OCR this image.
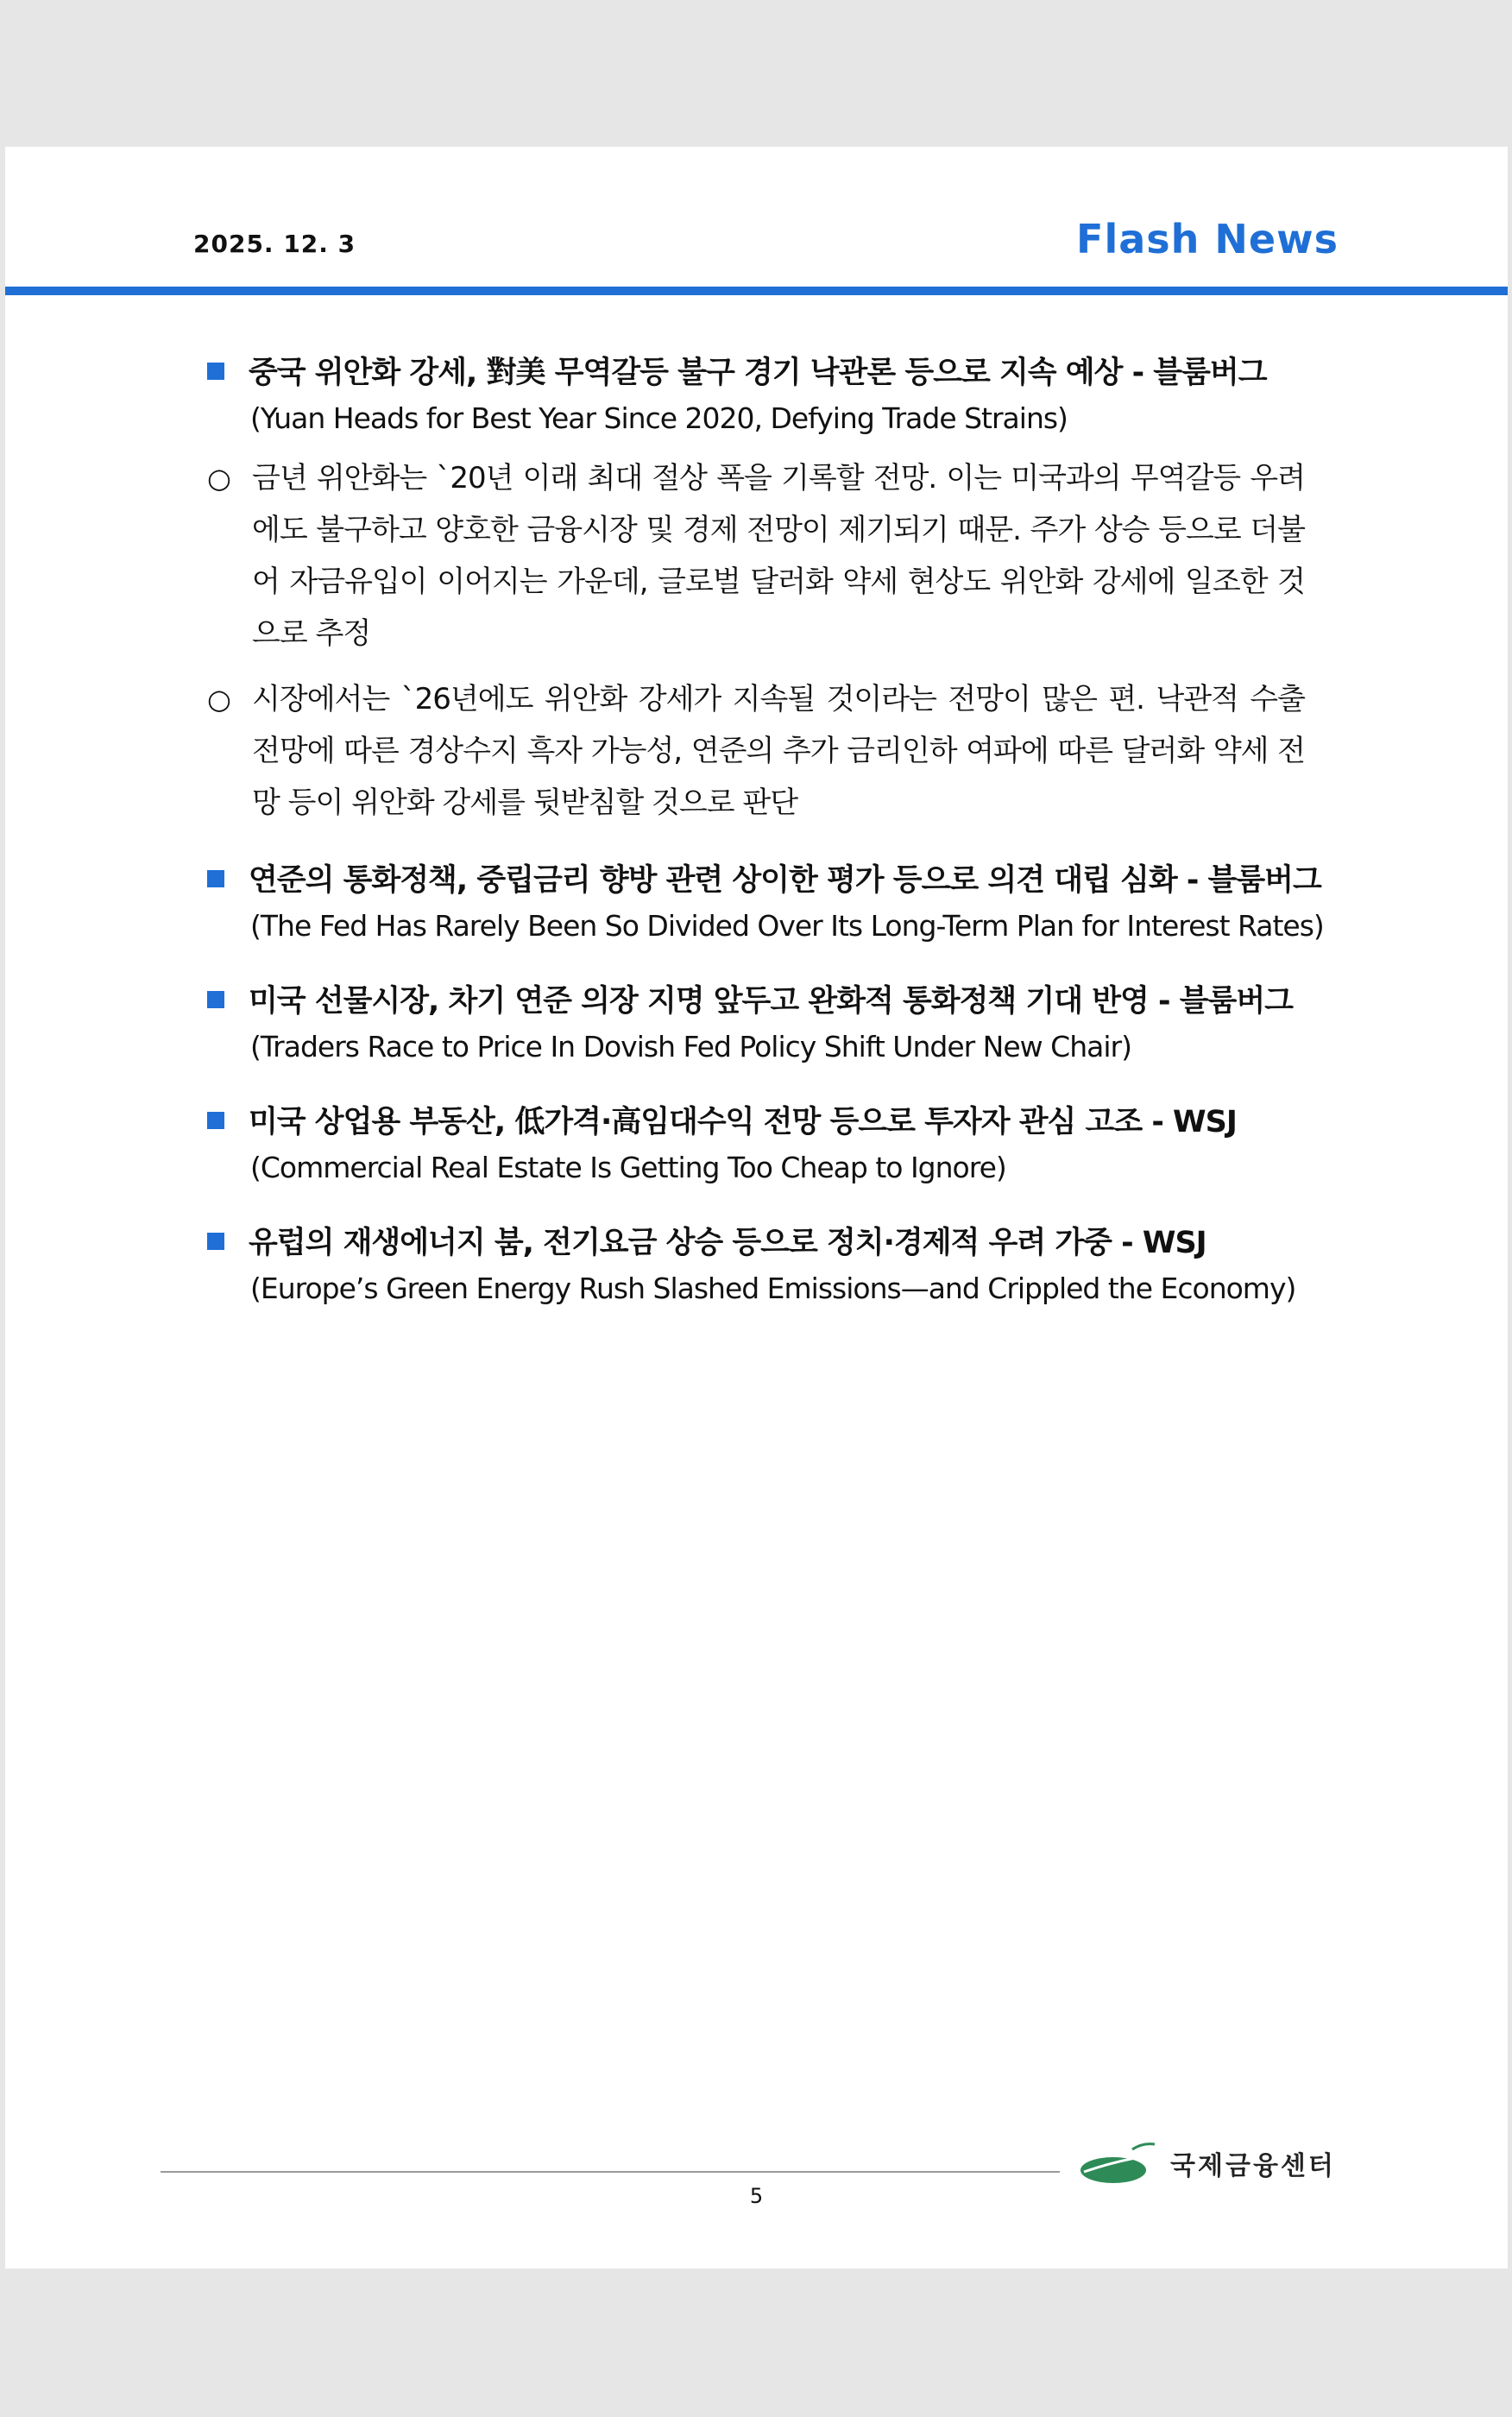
2025. 12. 3	Flash News
중국 위안화 강세, 對美 무역갈등 불구 경기 낙관론 등으로 지속 예상 - 블룸버그
(Yuan Heads for Best Year Since 2020, Defying Trade Strains)
○ 금년 위안화는 `20년 이래 최대 절상 폭을 기록할 전망. 이는 미국과의 무역갈등 우려에도 불구하고 양호한 금융시장 및 경제 전망이 제기되기 때문. 주가 상승 등으로 더불어 자금유입이 이어지는 가운데, 글로벌 달러화 약세 현상도 위안화 강세에 일조한 것으로 추정
○ 시장에서는 `26년에도 위안화 강세가 지속될 것이라는 전망이 많은 편. 낙관적 수출 전망에 따른 경상수지 흑자 가능성, 연준의 추가 금리인하 여파에 따른 달러화 약세 전망 등이 위안화 강세를 뒷받침할 것으로 판단
연준의 통화정책, 중립금리 향방 관련 상이한 평가 등으로 의견 대립 심화 - 블룸버그
(The Fed Has Rarely Been So Divided Over Its Long-Term Plan for Interest Rates)
미국 선물시장, 차기 연준 의장 지명 앞두고 완화적 통화정책 기대 반영 - 블룸버그
(Traders Race to Price In Dovish Fed Policy Shift Under New Chair)
미국 상업용 부동산, 低가격·高임대수익 전망 등으로 투자자 관심 고조 - WSJ
(Commercial Real Estate Is Getting Too Cheap to Ignore)
유럽의 재생에너지 붐, 전기요금 상승 등으로 정치·경제적 우려 가중 - WSJ
(Europe’s Green Energy Rush Slashed Emissions—and Crippled the Economy)
국제금융센터
5
